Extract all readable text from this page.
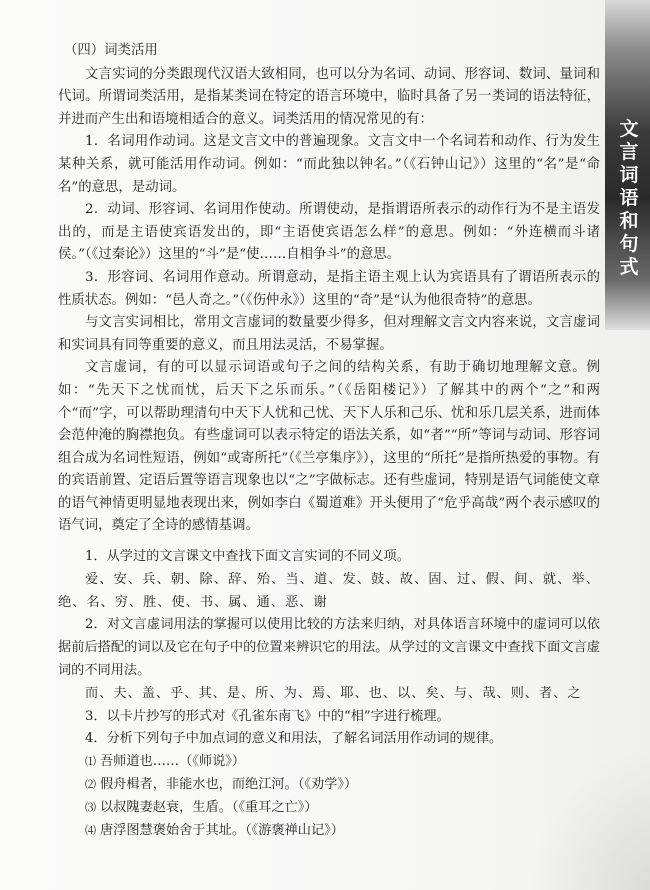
文言词语和句式
（四）词类活用

文言实词的分类跟现代汉语大致相同，也可以分为名词、动词、形容词、数词、量词和代词。所谓词类活用，是指某类词在特定的语言环境中，临时具备了另一类词的语法特征，并进而产生出和语境相适合的意义。词类活用的情况常见的有：

1．名词用作动词。这是文言文中的普遍现象。文言文中一个名词若和动作、行为发生某种关系，就可能活用作动词。例如：“而此独以钟名。”（《石钟山记》）这里的“名”是“命名”的意思，是动词。

2．动词、形容词、名词用作使动。所谓使动，是指谓语所表示的动作行为不是主语发出的，而是主语使宾语发出的，即“主语使宾语怎么样”的意思。例如：“外连横而斗诸侯。”（《过秦论》）这里的“斗”是“使……自相争斗”的意思。

3．形容词、名词用作意动。所谓意动，是指主语主观上认为宾语具有了谓语所表示的性质状态。例如：“邑人奇之。”（《伤仲永》）这里的“奇”是“认为他很奇特”的意思。

与文言实词相比，常用文言虚词的数量要少得多，但对理解文言文内容来说，文言虚词和实词具有同等重要的意义，而且用法灵活，不易掌握。

文言虚词，有的可以显示词语或句子之间的结构关系，有助于确切地理解文意。例如：“先天下之忧而忧，后天下之乐而乐。”（《岳阳楼记》）了解其中的两个“之”和两个“而”字，可以帮助理清句中天下人忧和己忧、天下人乐和己乐、忧和乐几层关系，进而体会范仲淹的胸襟抱负。有些虚词可以表示特定的语法关系，如“者”“所”等词与动词、形容词组合成为名词性短语，例如“或寄所托”（《兰亭集序》），这里的“所托”是指所热爱的事物。有的宾语前置、定语后置等语言现象也以“之”字做标志。还有些虚词，特别是语气词能使文章的语气神情更明显地表现出来，例如李白《蜀道难》开头便用了“危乎高哉”两个表示感叹的语气词，奠定了全诗的感情基调。

1．从学过的文言课文中查找下面文言实词的不同义项。
爱、安、兵、朝、除、辞、殆、当、道、发、鼓、故、固、过、假、间、就、举、绝、名、穷、胜、使、书、属、通、恶、谢
2．对文言虚词用法的掌握可以使用比较的方法来归纳，对具体语言环境中的虚词可以依据前后搭配的词以及它在句子中的位置来辨识它的用法。从学过的文言课文中查找下面文言虚词的不同用法。
而、夫、盖、乎、其、是、所、为、焉、耶、也、以、矣、与、哉、则、者、之
3．以卡片抄写的形式对《孔雀东南飞》中的“相”字进行梳理。
4．分析下列句子中加点词的意义和用法，了解名词活用作动词的规律。
⑴ 吾师道也……（《师说》）
⑵ 假舟楫者，非能水也，而绝江河。（《劝学》）
⑶ 以叔隗妻赵衰，生盾。（《重耳之亡》）
⑷ 唐浮图慧褒始舍于其址。（《游褒禅山记》）
